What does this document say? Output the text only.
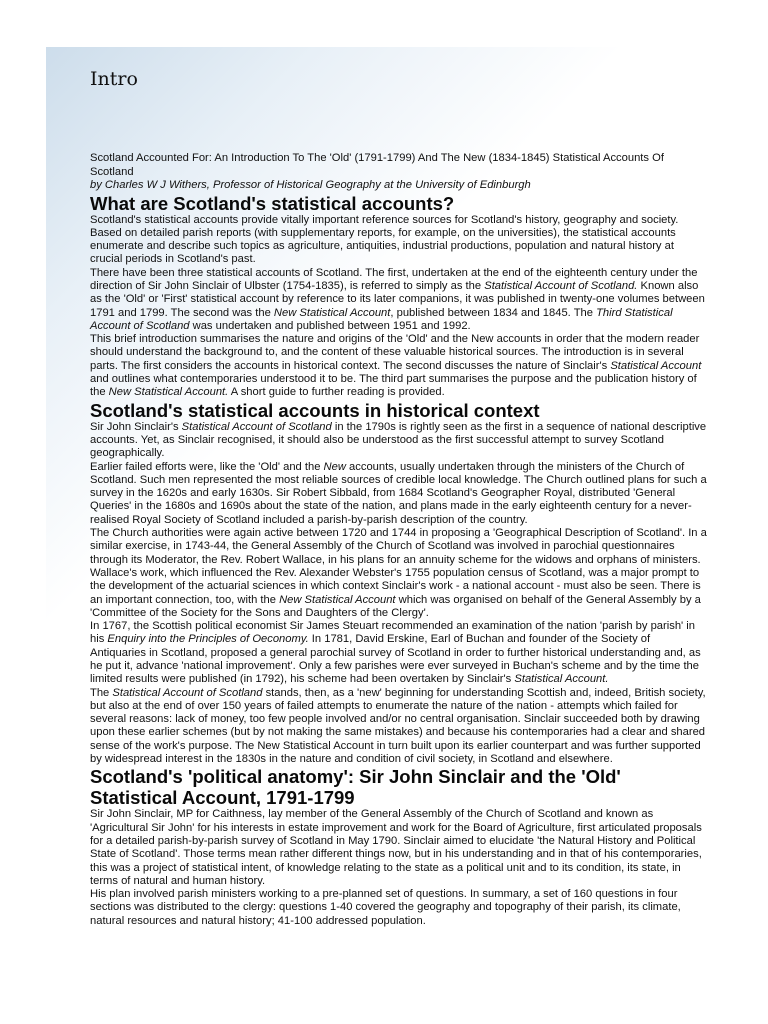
Intro

Scotland Accounted For: An Introduction To The 'Old' (1791-1799) And The New (1834-1845) Statistical Accounts Of Scotland

by Charles W J Withers, Professor of Historical Geography at the University of Edinburgh

What are Scotland's statistical accounts?

Scotland's statistical accounts provide vitally important reference sources for Scotland's history, geography and society. Based on detailed parish reports (with supplementary reports, for example, on the universities), the statistical accounts enumerate and describe such topics as agriculture, antiquities, industrial productions, population and natural history at crucial periods in Scotland's past.

There have been three statistical accounts of Scotland. The first, undertaken at the end of the eighteenth century under the direction of Sir John Sinclair of Ulbster (1754-1835), is referred to simply as the Statistical Account of Scotland. Known also as the 'Old' or 'First' statistical account by reference to its later companions, it was published in twenty-one volumes between 1791 and 1799. The second was the New Statistical Account, published between 1834 and 1845. The Third Statistical Account of Scotland was undertaken and published between 1951 and 1992.

This brief introduction summarises the nature and origins of the 'Old' and the New accounts in order that the modern reader should understand the background to, and the content of these valuable historical sources. The introduction is in several parts. The first considers the accounts in historical context. The second discusses the nature of Sinclair's Statistical Account and outlines what contemporaries understood it to be. The third part summarises the purpose and the publication history of the New Statistical Account. A short guide to further reading is provided.

Scotland's statistical accounts in historical context

Sir John Sinclair's Statistical Account of Scotland in the 1790s is rightly seen as the first in a sequence of national descriptive accounts. Yet, as Sinclair recognised, it should also be understood as the first successful attempt to survey Scotland geographically.

Earlier failed efforts were, like the 'Old' and the New accounts, usually undertaken through the ministers of the Church of Scotland. Such men represented the most reliable sources of credible local knowledge. The Church outlined plans for such a survey in the 1620s and early 1630s. Sir Robert Sibbald, from 1684 Scotland's Geographer Royal, distributed 'General Queries' in the 1680s and 1690s about the state of the nation, and plans made in the early eighteenth century for a never-realised Royal Society of Scotland included a parish-by-parish description of the country.

The Church authorities were again active between 1720 and 1744 in proposing a 'Geographical Description of Scotland'. In a similar exercise, in 1743-44, the General Assembly of the Church of Scotland was involved in parochial questionnaires through its Moderator, the Rev. Robert Wallace, in his plans for an annuity scheme for the widows and orphans of ministers. Wallace's work, which influenced the Rev. Alexander Webster's 1755 population census of Scotland, was a major prompt to the development of the actuarial sciences in which context Sinclair's work - a national account - must also be seen. There is an important connection, too, with the New Statistical Account which was organised on behalf of the General Assembly by a 'Committee of the Society for the Sons and Daughters of the Clergy'.

In 1767, the Scottish political economist Sir James Steuart recommended an examination of the nation 'parish by parish' in his Enquiry into the Principles of Oeconomy. In 1781, David Erskine, Earl of Buchan and founder of the Society of Antiquaries in Scotland, proposed a general parochial survey of Scotland in order to further historical understanding and, as he put it, advance 'national improvement'. Only a few parishes were ever surveyed in Buchan's scheme and by the time the limited results were published (in 1792), his scheme had been overtaken by Sinclair's Statistical Account.

The Statistical Account of Scotland stands, then, as a 'new' beginning for understanding Scottish and, indeed, British society, but also at the end of over 150 years of failed attempts to enumerate the nature of the nation - attempts which failed for several reasons: lack of money, too few people involved and/or no central organisation. Sinclair succeeded both by drawing upon these earlier schemes (but by not making the same mistakes) and because his contemporaries had a clear and shared sense of the work's purpose. The New Statistical Account in turn built upon its earlier counterpart and was further supported by widespread interest in the 1830s in the nature and condition of civil society, in Scotland and elsewhere.

Scotland's 'political anatomy': Sir John Sinclair and the 'Old' Statistical Account, 1791-1799

Sir John Sinclair, MP for Caithness, lay member of the General Assembly of the Church of Scotland and known as 'Agricultural Sir John' for his interests in estate improvement and work for the Board of Agriculture, first articulated proposals for a detailed parish-by-parish survey of Scotland in May 1790. Sinclair aimed to elucidate 'the Natural History and Political State of Scotland'. Those terms mean rather different things now, but in his understanding and in that of his contemporaries, this was a project of statistical intent, of knowledge relating to the state as a political unit and to its condition, its state, in terms of natural and human history.

His plan involved parish ministers working to a pre-planned set of questions. In summary, a set of 160 questions in four sections was distributed to the clergy: questions 1-40 covered the geography and topography of their parish, its climate, natural resources and natural history; 41-100 addressed population.
